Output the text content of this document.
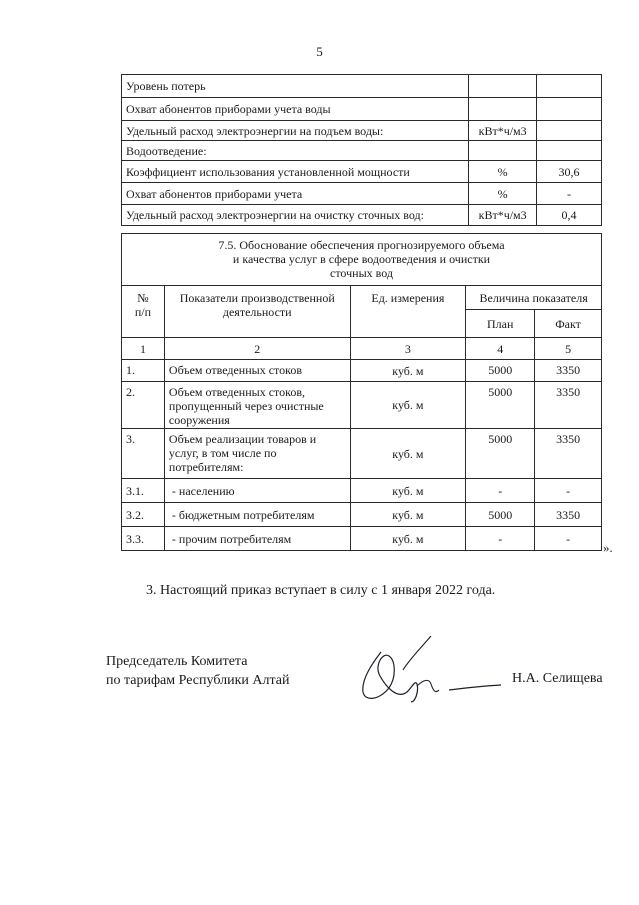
5
Уровень потерь		
Охват абонентов приборами учета воды		
Удельный расход электроэнергии на подъем воды:	кВт*ч/м3	
Водоотведение:		
Коэффициент использования установленной мощности	%	30,6
Охват абонентов приборами учета	%	-
Удельный расход электроэнергии на очистку сточных вод:	кВт*ч/м3	0,4
7.5. Обоснование обеспечения прогнозируемого объема
и качества услуг в сфере водоотведения и очистки
сточных вод				

№
п/п	Показатели производственной деятельности	Ед. измерения	Величина показателя	
			План	Факт
1	2	3	4	5
1.	Объем отведенных стоков	куб. м	5000	3350
2.	Объем отведенных стоков, пропущенный через очистные сооружения	куб. м	5000	3350
3.	Объем реализации товаров и услуг, в том числе по потребителям:	куб. м	5000	3350
3.1.	- населению	куб. м	-	-
3.2.	- бюджетным потребителям	куб. м	5000	3350
3.3.	- прочим потребителям	куб. м	-	-
».
3. Настоящий приказ вступает в силу с 1 января 2022 года.
Председатель Комитета
по тарифам Республики Алтай	Н.А. Селищева
